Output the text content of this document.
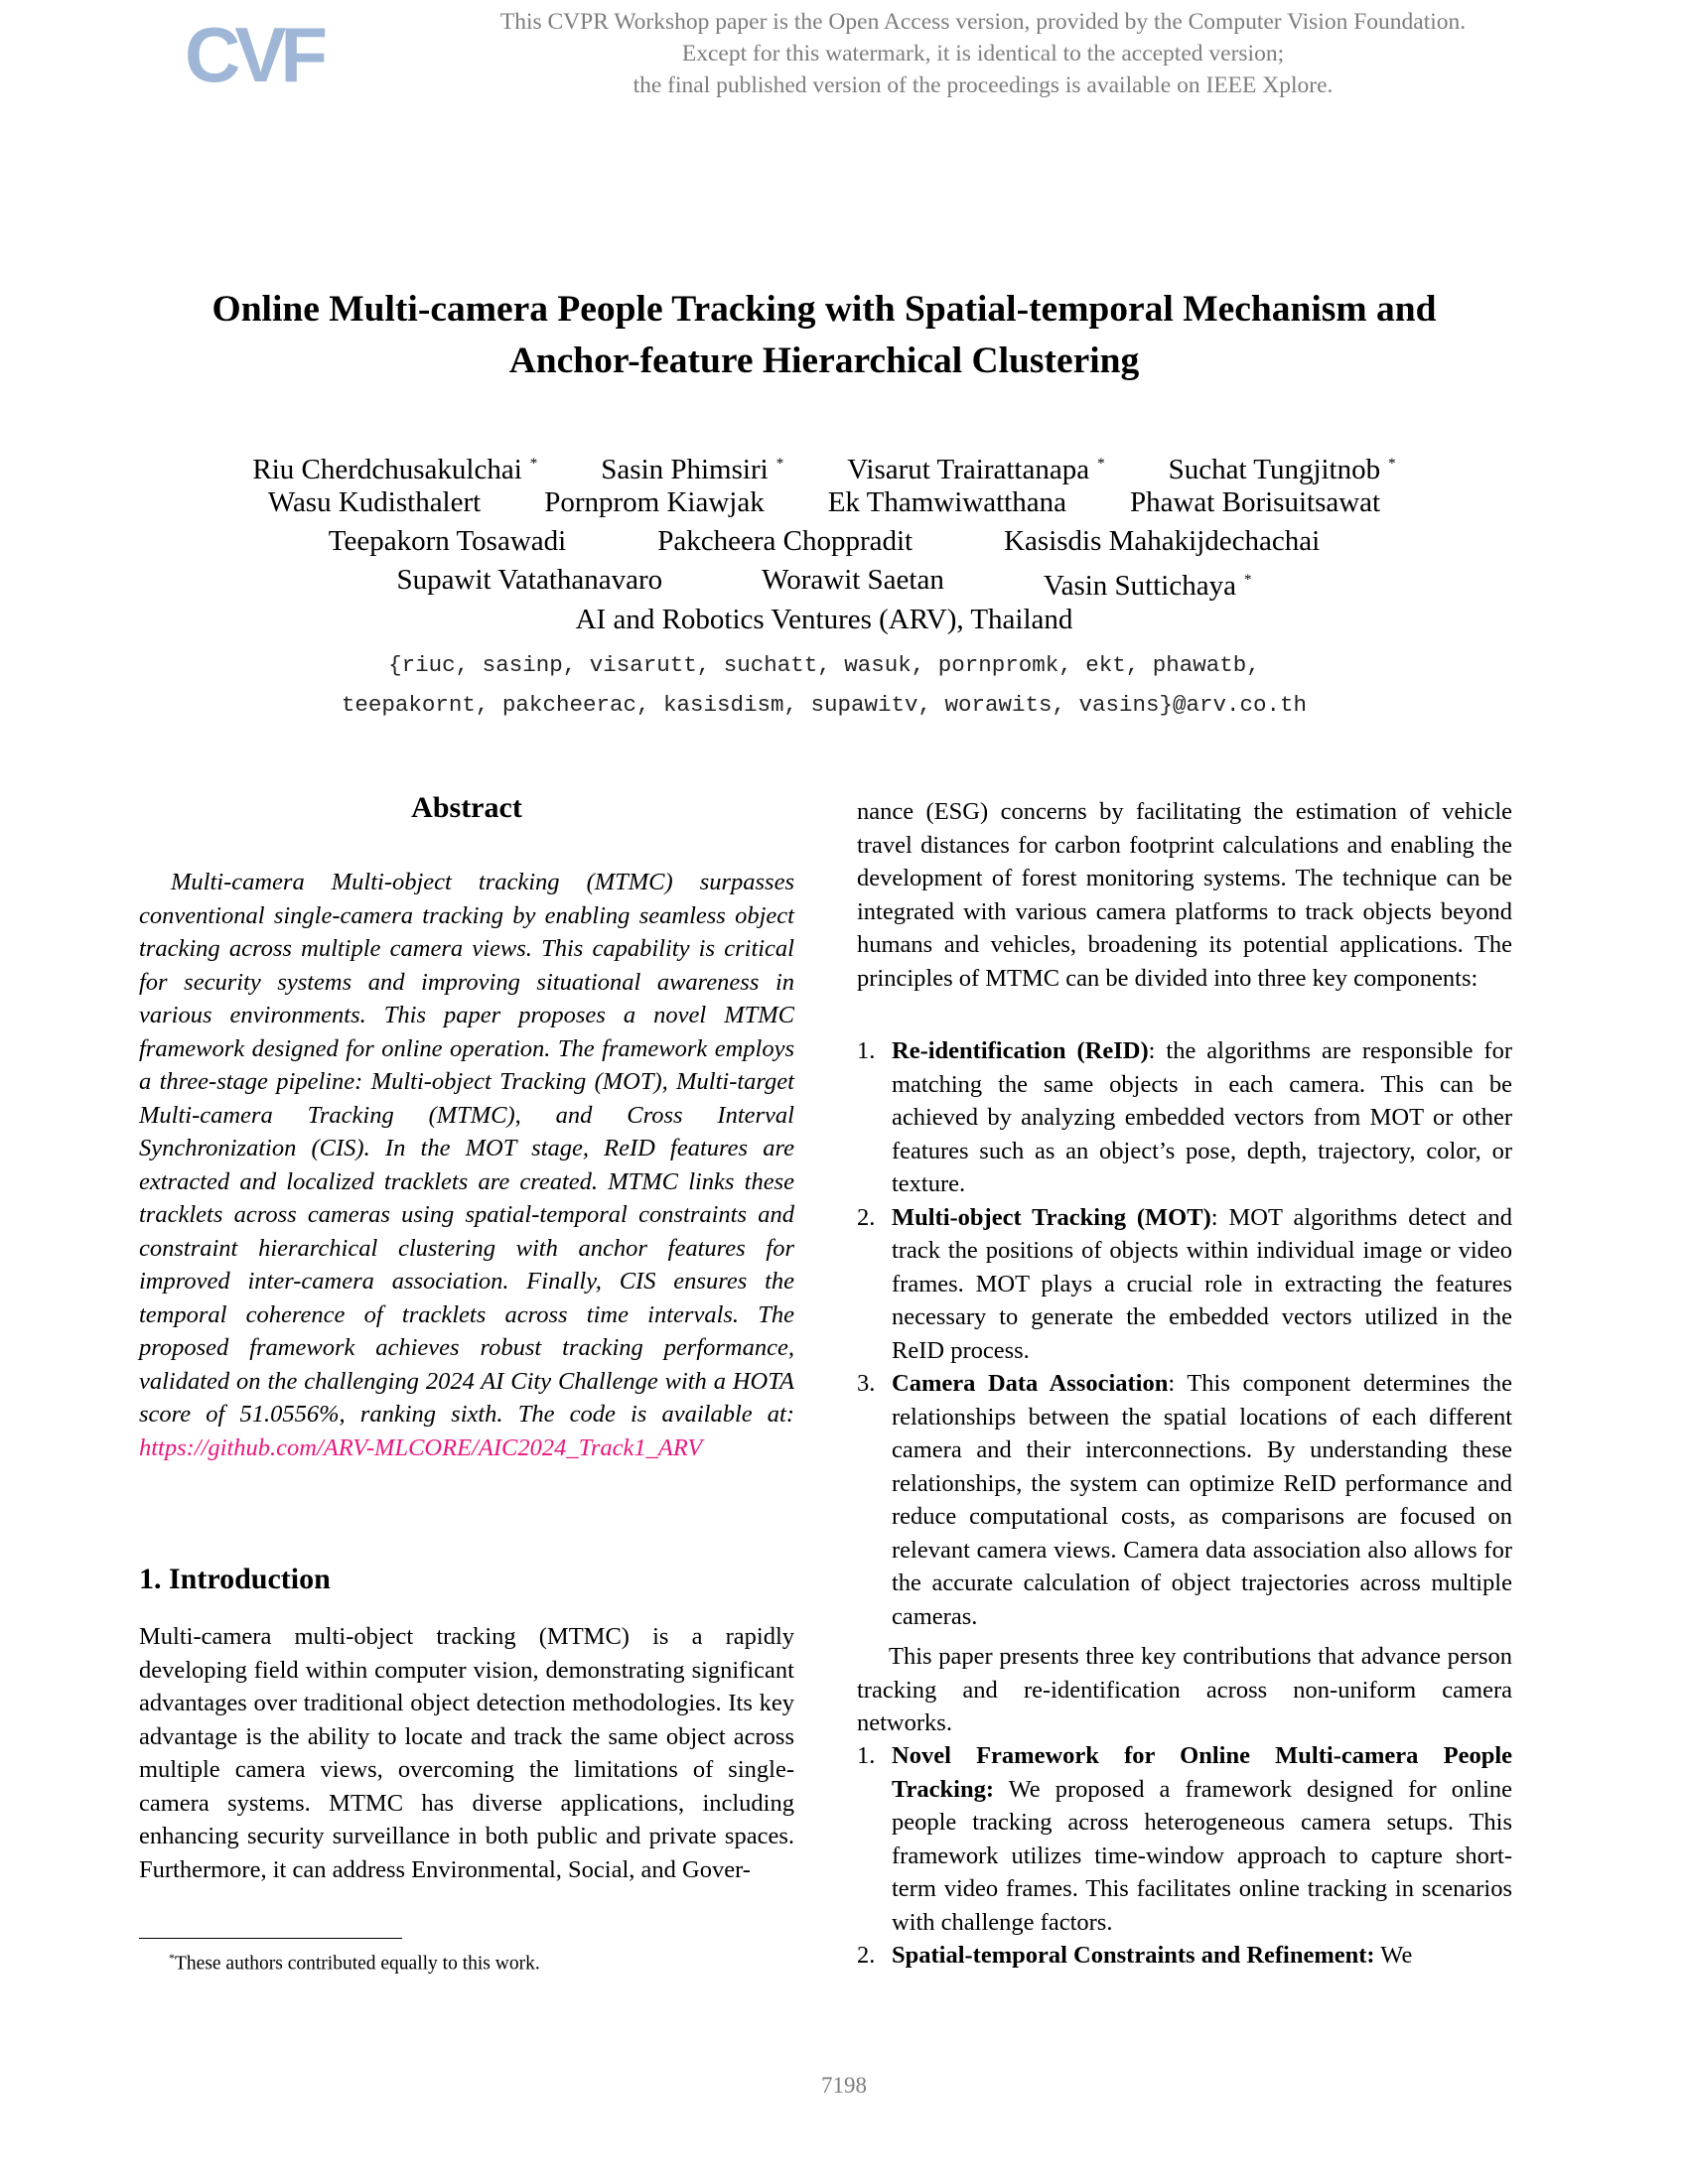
CVF	This CVPR Workshop paper is the Open Access version, provided by the Computer Vision Foundation.
Except for this watermark, it is identical to the accepted version;
the final published version of the proceedings is available on IEEE Xplore.
Online Multi-camera People Tracking with Spatial-temporal Mechanism and
Anchor-feature Hierarchical Clustering
Riu Cherdchusakulchai * Sasin Phimsiri * Visarut Trairattanapa * Suchat Tungjitnob *
Wasu Kudisthalert Pornprom Kiawjak Ek Thamwiwatthana Phawat Borisuitsawat
Teepakorn Tosawadi	Pakcheera Choppradit	Kasisdis Mahakijdechachai
Supawit Vatathanavaro	Worawit Saetan	Vasin Suttichaya *
AI and Robotics Ventures (ARV), Thailand
{riuc, sasinp, visarutt, suchatt, wasuk, pornpromk, ekt, phawatb,
teepakornt, pakcheerac, kasisdism, supawitv, worawits, vasins}@arv.co.th
Abstract

Multi-camera Multi-object tracking (MTMC) surpasses conventional single-camera tracking by enabling seamless object tracking across multiple camera views. This capability is critical for security systems and improving situational awareness in various environments. This paper proposes a novel MTMC framework designed for online operation. The framework employs a three-stage pipeline: Multi-object Tracking (MOT), Multi-target Multi-camera Tracking (MTMC), and Cross Interval Synchronization (CIS). In the MOT stage, ReID features are extracted and localized tracklets are created. MTMC links these tracklets across cameras using spatial-temporal constraints and constraint hierarchical clustering with anchor features for improved inter-camera association. Finally, CIS ensures the temporal coherence of tracklets across time intervals. The proposed framework achieves robust tracking performance, validated on the challenging 2024 AI City Challenge with a HOTA score of 51.0556%, ranking sixth. The code is available at: https://github.com/ARV-MLCORE/AIC2024_Track1_ARV

1. Introduction

Multi-camera multi-object tracking (MTMC) is a rapidly developing field within computer vision, demonstrating significant advantages over traditional object detection methodologies. Its key advantage is the ability to locate and track the same object across multiple camera views, overcoming the limitations of single-camera systems. MTMC has diverse applications, including enhancing security surveillance in both public and private spaces. Furthermore, it can address Environmental, Social, and Gover-

*These authors contributed equally to this work.

nance (ESG) concerns by facilitating the estimation of vehicle travel distances for carbon footprint calculations and enabling the development of forest monitoring systems. The technique can be integrated with various camera platforms to track objects beyond humans and vehicles, broadening its potential applications. The principles of MTMC can be divided into three key components:

1. Re-identification (ReID): the algorithms are responsible for matching the same objects in each camera. This can be achieved by analyzing embedded vectors from MOT or other features such as an object’s pose, depth, trajectory, color, or texture.
2. Multi-object Tracking (MOT): MOT algorithms detect and track the positions of objects within individual image or video frames. MOT plays a crucial role in extracting the features necessary to generate the embedded vectors utilized in the ReID process.
3. Camera Data Association: This component determines the relationships between the spatial locations of each different camera and their interconnections. By understanding these relationships, the system can optimize ReID performance and reduce computational costs, as comparisons are focused on relevant camera views. Camera data association also allows for the accurate calculation of object trajectories across multiple cameras.

This paper presents three key contributions that advance person tracking and re-identification across non-uniform camera networks.

1. Novel Framework for Online Multi-camera People Tracking: We proposed a framework designed for online people tracking across heterogeneous camera setups. This framework utilizes time-window approach to capture short-term video frames. This facilitates online tracking in scenarios with challenge factors.
2. Spatial-temporal Constraints and Refinement: We
7198
